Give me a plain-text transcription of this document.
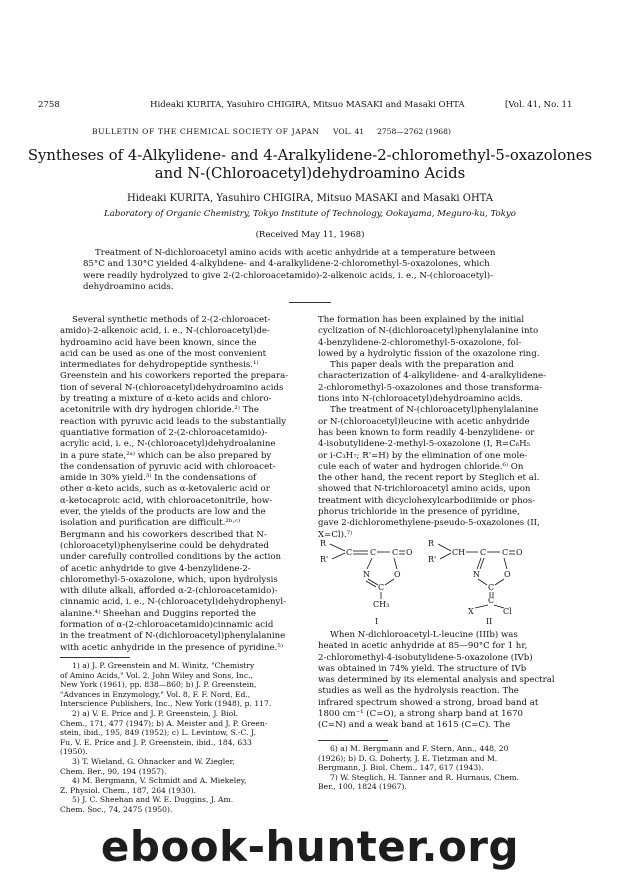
2758	Hideaki KURITA, Yasuhiro CHIGIRA, Mitsuo MASAKI and Masaki OHTA	[Vol. 41, No. 11
BULLETIN OF THE CHEMICAL SOCIETY OF JAPAN VOL. 41 2758—2762 (1968)
Syntheses of 4-Alkylidene- and 4-Aralkylidene-2-chloromethyl-5-oxazolones
and N-(Chloroacetyl)dehydroamino Acids
Hideaki KURITA, Yasuhiro CHIGIRA, Mitsuo MASAKI and Masaki OHTA
Laboratory of Organic Chemistry, Tokyo Institute of Technology, Ookayama, Meguro-ku, Tokyo
(Received May 11, 1968)
Treatment of N-dichloroacetyl amino acids with acetic anhydride at a temperature between
85°C and 130°C yielded 4-alkylidene- and 4-aralkylidene-2-chloromethyl-5-oxazolones, which
were readily hydrolyzed to give 2-(2-chloroacetamido)-2-alkenoic acids, i. e., N-(chloroacetyl)-
dehydroamino acids.
Several synthetic methods of 2-(2-chloroacet-
amido)-2-alkenoic acid, i. e., N-(chloroacetyl)de-
hydroamino acid have been known, since the
acid can be used as one of the most convenient
intermediates for dehydropeptide synthesis.¹⁾
Greenstein and his coworkers reported the prepara-
tion of several N-(chloroacetyl)dehydroamino acids
by treating a mixture of α-keto acids and chloro-
acetonitrile with dry hydrogen chloride.²⁾ The
reaction with pyruvic acid leads to the substantially
quantiative formation of 2-(2-chloroacetamido)-
acrylic acid, i. e., N-(chloroacetyl)dehydroalanine
in a pure state,²ᵃ⁾ which can be also prepared by
the condensation of pyruvic acid with chloroacet-
amide in 30% yield.³⁾ In the condensations of
other α-keto acids, such as α-ketovaleric acid or
α-ketocaproic acid, with chloroacetonitrile, how-
ever, the yields of the products are low and the
isolation and purification are difficult.²ᵇ·ᶜ⁾
Bergmann and his coworkers described that N-
(chloroacetyl)phenylserine could be dehydrated
under carefully controlled conditions by the action
of acetic anhydride to give 4-benzylidene-2-
chloromethyl-5-oxazolone, which, upon hydrolysis
with dilute alkali, afforded α-2-(chloroacetamido)-
cinnamic acid, i. e., N-(chloroacetyl)dehydrophenyl-
alanine.⁴⁾ Sheehan and Duggins reported the
formation of α-(2-chloroacetamido)cinnamic acid
in the treatment of N-(dichloroacetyl)phenylalanine
with acetic anhydride in the presence of pyridine.⁵⁾
1) a) J. P. Greenstein and M. Winitz, "Chemistry
of Amino Acids," Vol. 2, John Wiley and Sons, Inc.,
New York (1961), pp. 838—860; b) J. P. Greenstein,
"Advances in Enzymology," Vol. 8, F. F. Nord, Ed.,
Interscience Publishers, Inc., New York (1948), p. 117.
2) a) V. E. Price and J. P. Greenstein, J. Biol.
Chem., 171, 477 (1947); b) A. Meister and J. P. Green-
stein, ibid., 195, 849 (1952); c) L. Levintow, S.-C. J.
Fu, V. E. Price and J. P. Greenstein, ibid., 184, 633
(1950).
3) T. Wieland, G. Ohnacker and W. Ziegler,
Chem. Ber., 90, 194 (1957).
4) M. Bergmann, V. Schmidt and A. Miekeley,
Z. Physiol. Chem., 187, 264 (1930).
5) J. C. Sheehan and W. E. Duggins, J. Am.
Chem. Soc., 74, 2475 (1950).
The formation has been explained by the initial
cyclization of N-(dichloroacetyl)phenylalanine into
4-benzylidene-2-chloromethyl-5-oxazolone, fol-
lowed by a hydrolytic fission of the oxazolone ring.
This paper deals with the preparation and
characterization of 4-alkylidene- and 4-aralkylidene-
2-chloromethyl-5-oxazolones and those transforma-
tions into N-(chloroacetyl)dehydroamino acids.
The treatment of N-(chloroacetyl)phenylalanine
or N-(chloroacetyl)leucine with acetic anhydride
has been known to form readily 4-benzylidene- or
4-isobutylidene-2-methyl-5-oxazolone (I, R=C₆H₅
or i-C₃H₇; R'=H) by the elimination of one mole-
cule each of water and hydrogen chloride.⁶⁾ On
the other hand, the recent report by Steglich et al.
showed that N-trichloroacetyl amino acids, upon
treatment with dicyclohexylcarbodiimide or phos-
phorus trichloride in the presence of pyridine,
gave 2-dichloromethylene-pseudo-5-oxazolones (II,
X=Cl).⁷⁾
R
R'
C C C O
N	O
C
CH₃
I
R
R'
CH C C O
N	O
C
C
X	Cl
II
When N-dichloroacetyl-L-leucine (IIIb) was
heated in acetic anhydride at 85—90°C for 1 hr,
2-chloromethyl-4-isobutylidene-5-oxazolone (IVb)
was obtained in 74% yield. The structure of IVb
was determined by its elemental analysis and spectral
studies as well as the hydrolysis reaction. The
infrared spectrum showed a strong, broad band at
1800 cm⁻¹ (C=O), a strong sharp band at 1670
(C=N) and a weak band at 1615 (C=C). The
6) a) M. Bergmann and F. Stern, Ann., 448, 20
(1926); b) D. G. Doherty, J. E. Tietzman and M.
Bergmann, J. Biol. Chem., 147, 617 (1943).
7) W. Steglich, H. Tanner and R. Hurnaus, Chem.
Ber., 100, 1824 (1967).
ebook-hunter.org
